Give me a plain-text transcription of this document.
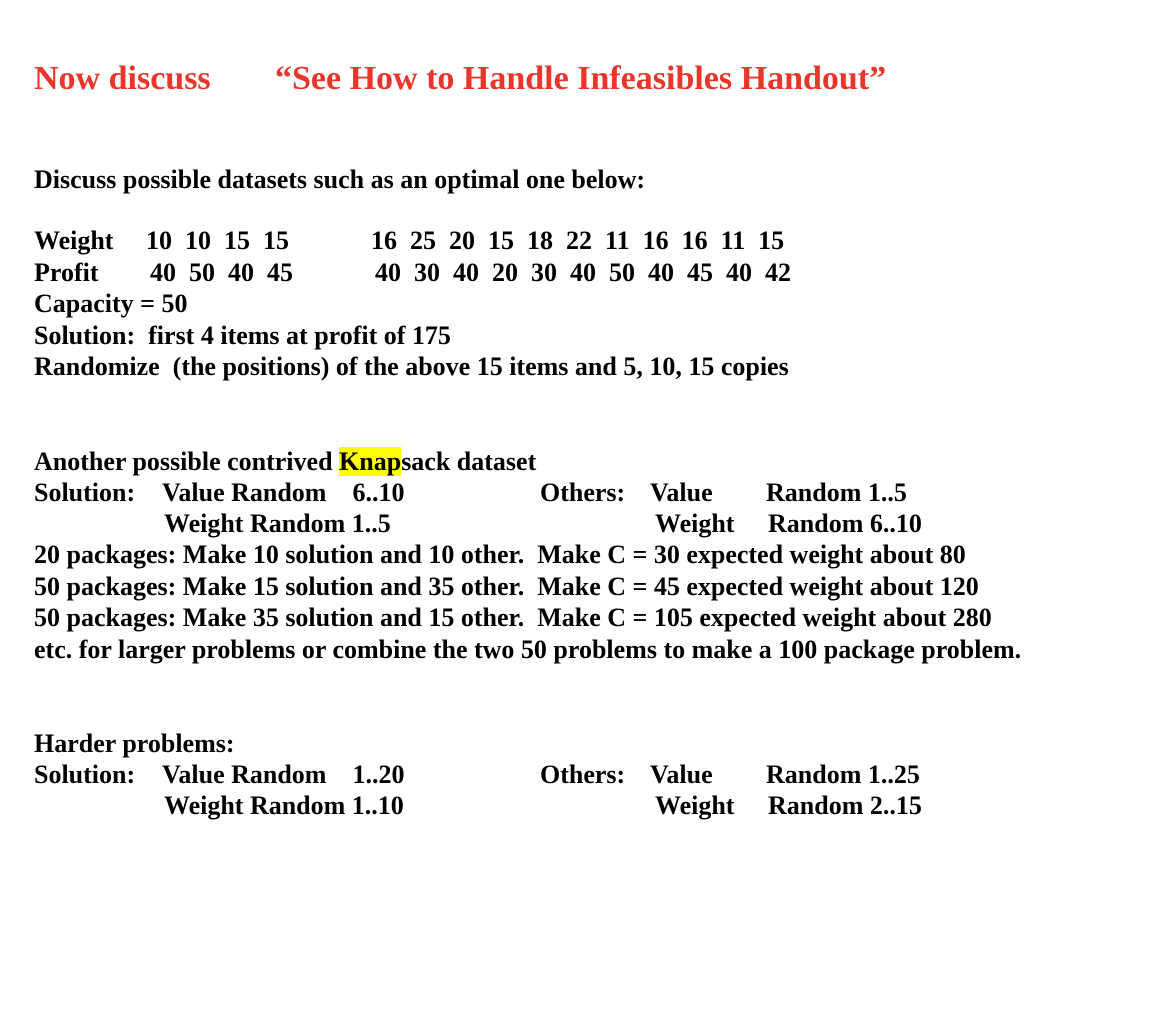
Now discuss “See How to Handle Infeasibles Handout”
Discuss possible datasets such as an optimal one below:
Weight 10  10  15  15	16  25  20  15  18  22  11  16  16  11  15
Profit 40  50  40  45	40  30  40  20  30  40  50  40  45  40  42
Capacity = 50
Solution:  first 4 items at profit of 175
Randomize  (the positions) of the above 15 items and 5, 10, 15 copies
Another possible contrived Knapsack dataset
Solution: Value Random    6..10	Others: Value Random 1..5
Weight Random 1..5	Weight Random 6..10
20 packages: Make 10 solution and 10 other.  Make C = 30 expected weight about 80
50 packages: Make 15 solution and 35 other.  Make C = 45 expected weight about 120
50 packages: Make 35 solution and 15 other.  Make C = 105 expected weight about 280
etc. for larger problems or combine the two 50 problems to make a 100 package problem.
Harder problems:
Solution: Value Random    1..20	Others: Value Random 1..25
Weight Random 1..10	Weight Random 2..15
